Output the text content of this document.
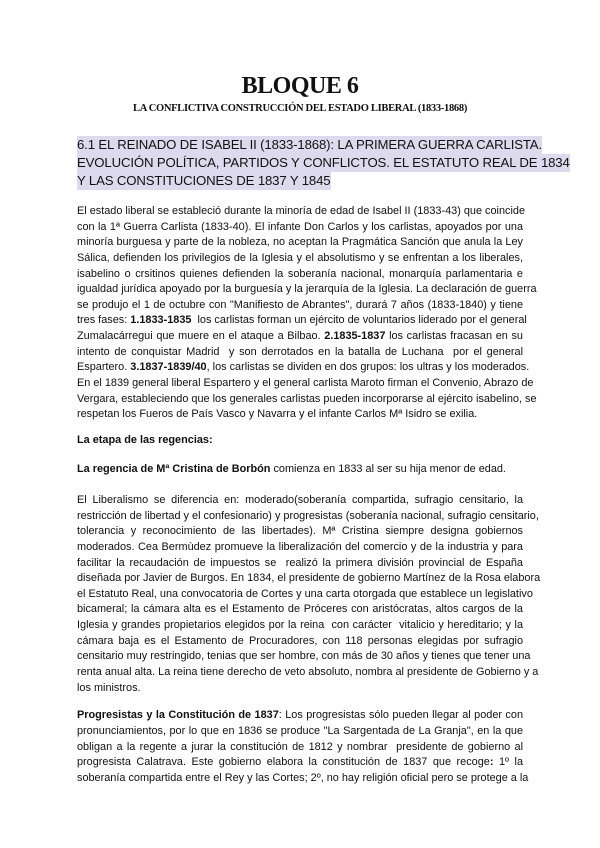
BLOQUE 6
LA CONFLICTIVA CONSTRUCCIÓN DEL ESTADO LIBERAL (1833-1868)
6.1 EL REINADO DE ISABEL II (1833-1868): LA PRIMERA GUERRA CARLISTA.
EVOLUCIÓN POLÍTICA, PARTIDOS Y CONFLICTOS. EL ESTATUTO REAL DE 1834
Y LAS CONSTITUCIONES DE 1837 Y 1845
El estado liberal se estableció durante la minoría de edad de Isabel II (1833-43) que coincide
con la 1ª Guerra Carlista (1833-40). El infante Don Carlos y los carlistas, apoyados por una
minoría burguesa y parte de la nobleza, no aceptan la Pragmática Sanción que anula la Ley
Sálica, defienden los privilegios de la Iglesia y el absolutismo y se enfrentan a los liberales,
isabelino o crsitinos quienes defienden la soberanía nacional, monarquía parlamentaria e
igualdad jurídica apoyado por la burguesía y la jerarquía de la Iglesia. La declaración de guerra
se produjo el 1 de octubre con "Manifiesto de Abrantes", durará 7 años (1833-1840) y tiene
tres fases: 1.1833-1835  los carlistas forman un ejército de voluntarios liderado por el general
Zumalacárregui que muere en el ataque a Bilbao. 2.1835-1837 los carlistas fracasan en su
intento de conquistar Madrid  y son derrotados en la batalla de Luchana  por el general
Espartero. 3.1837-1839/40, los carlistas se dividen en dos grupos: los ultras y los moderados.
En el 1839 general liberal Espartero y el general carlista Maroto firman el Convenio, Abrazo de
Vergara, estableciendo que los generales carlistas pueden incorporarse al ejército isabelino, se
respetan los Fueros de País Vasco y Navarra y el infante Carlos Mª Isidro se exilia.
La etapa de las regencias:
La regencia de Mª Cristina de Borbón comienza en 1833 al ser su hija menor de edad.
El Liberalismo se diferencia en: moderado(soberanía compartida, sufragio censitario, la
restricción de libertad y el confesionario) y progresistas (soberanía nacional, sufragio censitario,
tolerancia y reconocimiento de las libertades). Mª Cristina siempre designa gobiernos
moderados. Cea Bermùdez promueve la liberalización del comercio y de la industria y para
facilitar la recaudación de impuestos se  realizó la primera división provincial de España
diseñada por Javier de Burgos. En 1834, el presidente de gobierno Martínez de la Rosa elabora
el Estatuto Real, una convocatoria de Cortes y una carta otorgada que establece un legislativo
bicameral; la cámara alta es el Estamento de Próceres con aristócratas, altos cargos de la
Iglesia y grandes propietarios elegidos por la reina  con carácter  vitalicio y hereditario; y la
cámara baja es el Estamento de Procuradores, con 118 personas elegidas por sufragio
censitario muy restringido, tenias que ser hombre, con más de 30 años y tienes que tener una
renta anual alta. La reina tiene derecho de veto absoluto, nombra al presidente de Gobierno y a
los ministros.
Progresistas y la Constitución de 1837: Los progresistas sólo pueden llegar al poder con
pronunciamientos, por lo que en 1836 se produce "La Sargentada de La Granja", en la que
obligan a la regente a jurar la constitución de 1812 y nombrar  presidente de gobierno al
progresista Calatrava. Este gobierno elabora la constitución de 1837 que recoge: 1º la
soberanía compartida entre el Rey y las Cortes; 2º, no hay religión oficial pero se protege a la
